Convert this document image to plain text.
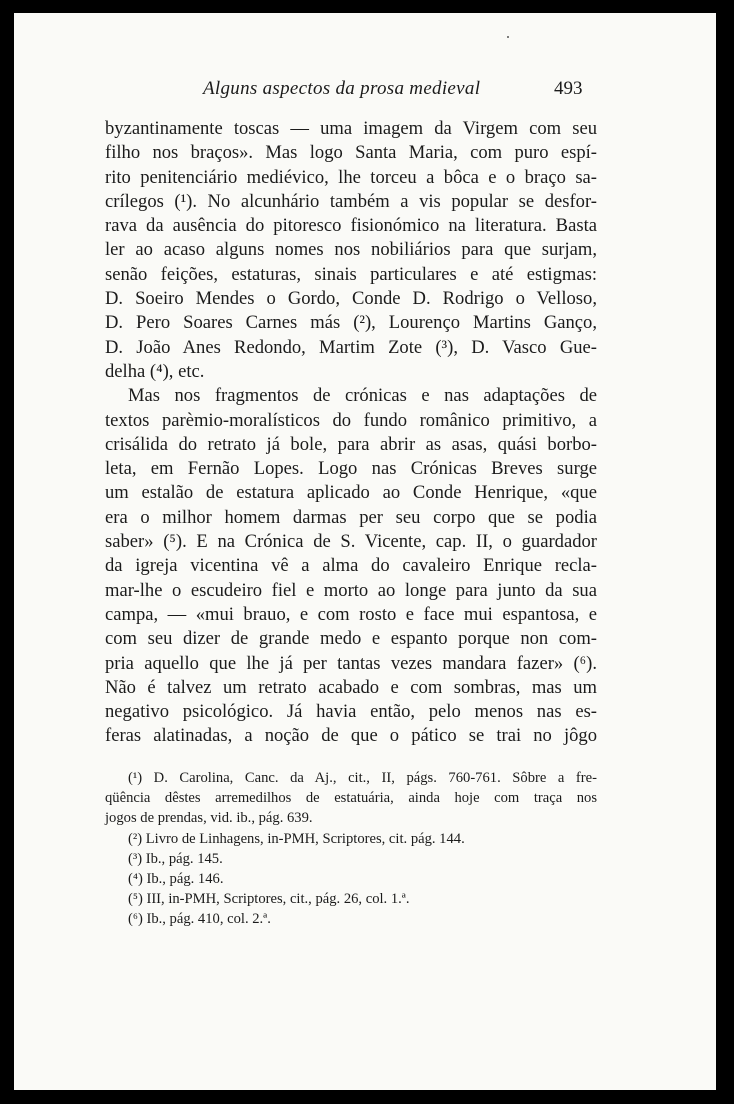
Alguns aspectos da prosa medieval	493
byzantinamente toscas — uma imagem da Virgem com seu
filho nos braços». Mas logo Santa Maria, com puro espí-
rito penitenciário mediévico, lhe torceu a bôca e o braço sa-
crílegos (¹). No alcunhário também a vis popular se desfor-
rava da ausência do pitoresco fisionómico na literatura. Basta
ler ao acaso alguns nomes nos nobiliários para que surjam,
senão feições, estaturas, sinais particulares e até estigmas:
D. Soeiro Mendes o Gordo, Conde D. Rodrigo o Velloso,
D. Pero Soares Carnes más (²), Lourenço Martins Ganço,
D. João Anes Redondo, Martim Zote (³), D. Vasco Gue-
delha (⁴), etc.
Mas nos fragmentos de crónicas e nas adaptações de
textos parèmio-moralísticos do fundo românico primitivo, a
crisálida do retrato já bole, para abrir as asas, quási borbo-
leta, em Fernão Lopes. Logo nas Crónicas Breves surge
um estalão de estatura aplicado ao Conde Henrique, «que
era o milhor homem darmas per seu corpo que se podia
saber» (⁵). E na Crónica de S. Vicente, cap. II, o guardador
da igreja vicentina vê a alma do cavaleiro Enrique recla-
mar-lhe o escudeiro fiel e morto ao longe para junto da sua
campa, — «mui brauo, e com rosto e face mui espantosa, e
com seu dizer de grande medo e espanto porque non com-
pria aquello que lhe já per tantas vezes mandara fazer» (⁶).
Não é talvez um retrato acabado e com sombras, mas um
negativo psicológico. Já havia então, pelo menos nas es-
feras alatinadas, a noção de que o pático se trai no jôgo
(¹) D. Carolina, Canc. da Aj., cit., II, págs. 760-761. Sôbre a fre-
qüência dêstes arremedilhos de estatuária, ainda hoje com traça nos
jogos de prendas, vid. ib., pág. 639.
(²) Livro de Linhagens, in-PMH, Scriptores, cit. pág. 144.
(³) Ib., pág. 145.
(⁴) Ib., pág. 146.
(⁵) III, in-PMH, Scriptores, cit., pág. 26, col. 1.ª.
(⁶) Ib., pág. 410, col. 2.ª.
